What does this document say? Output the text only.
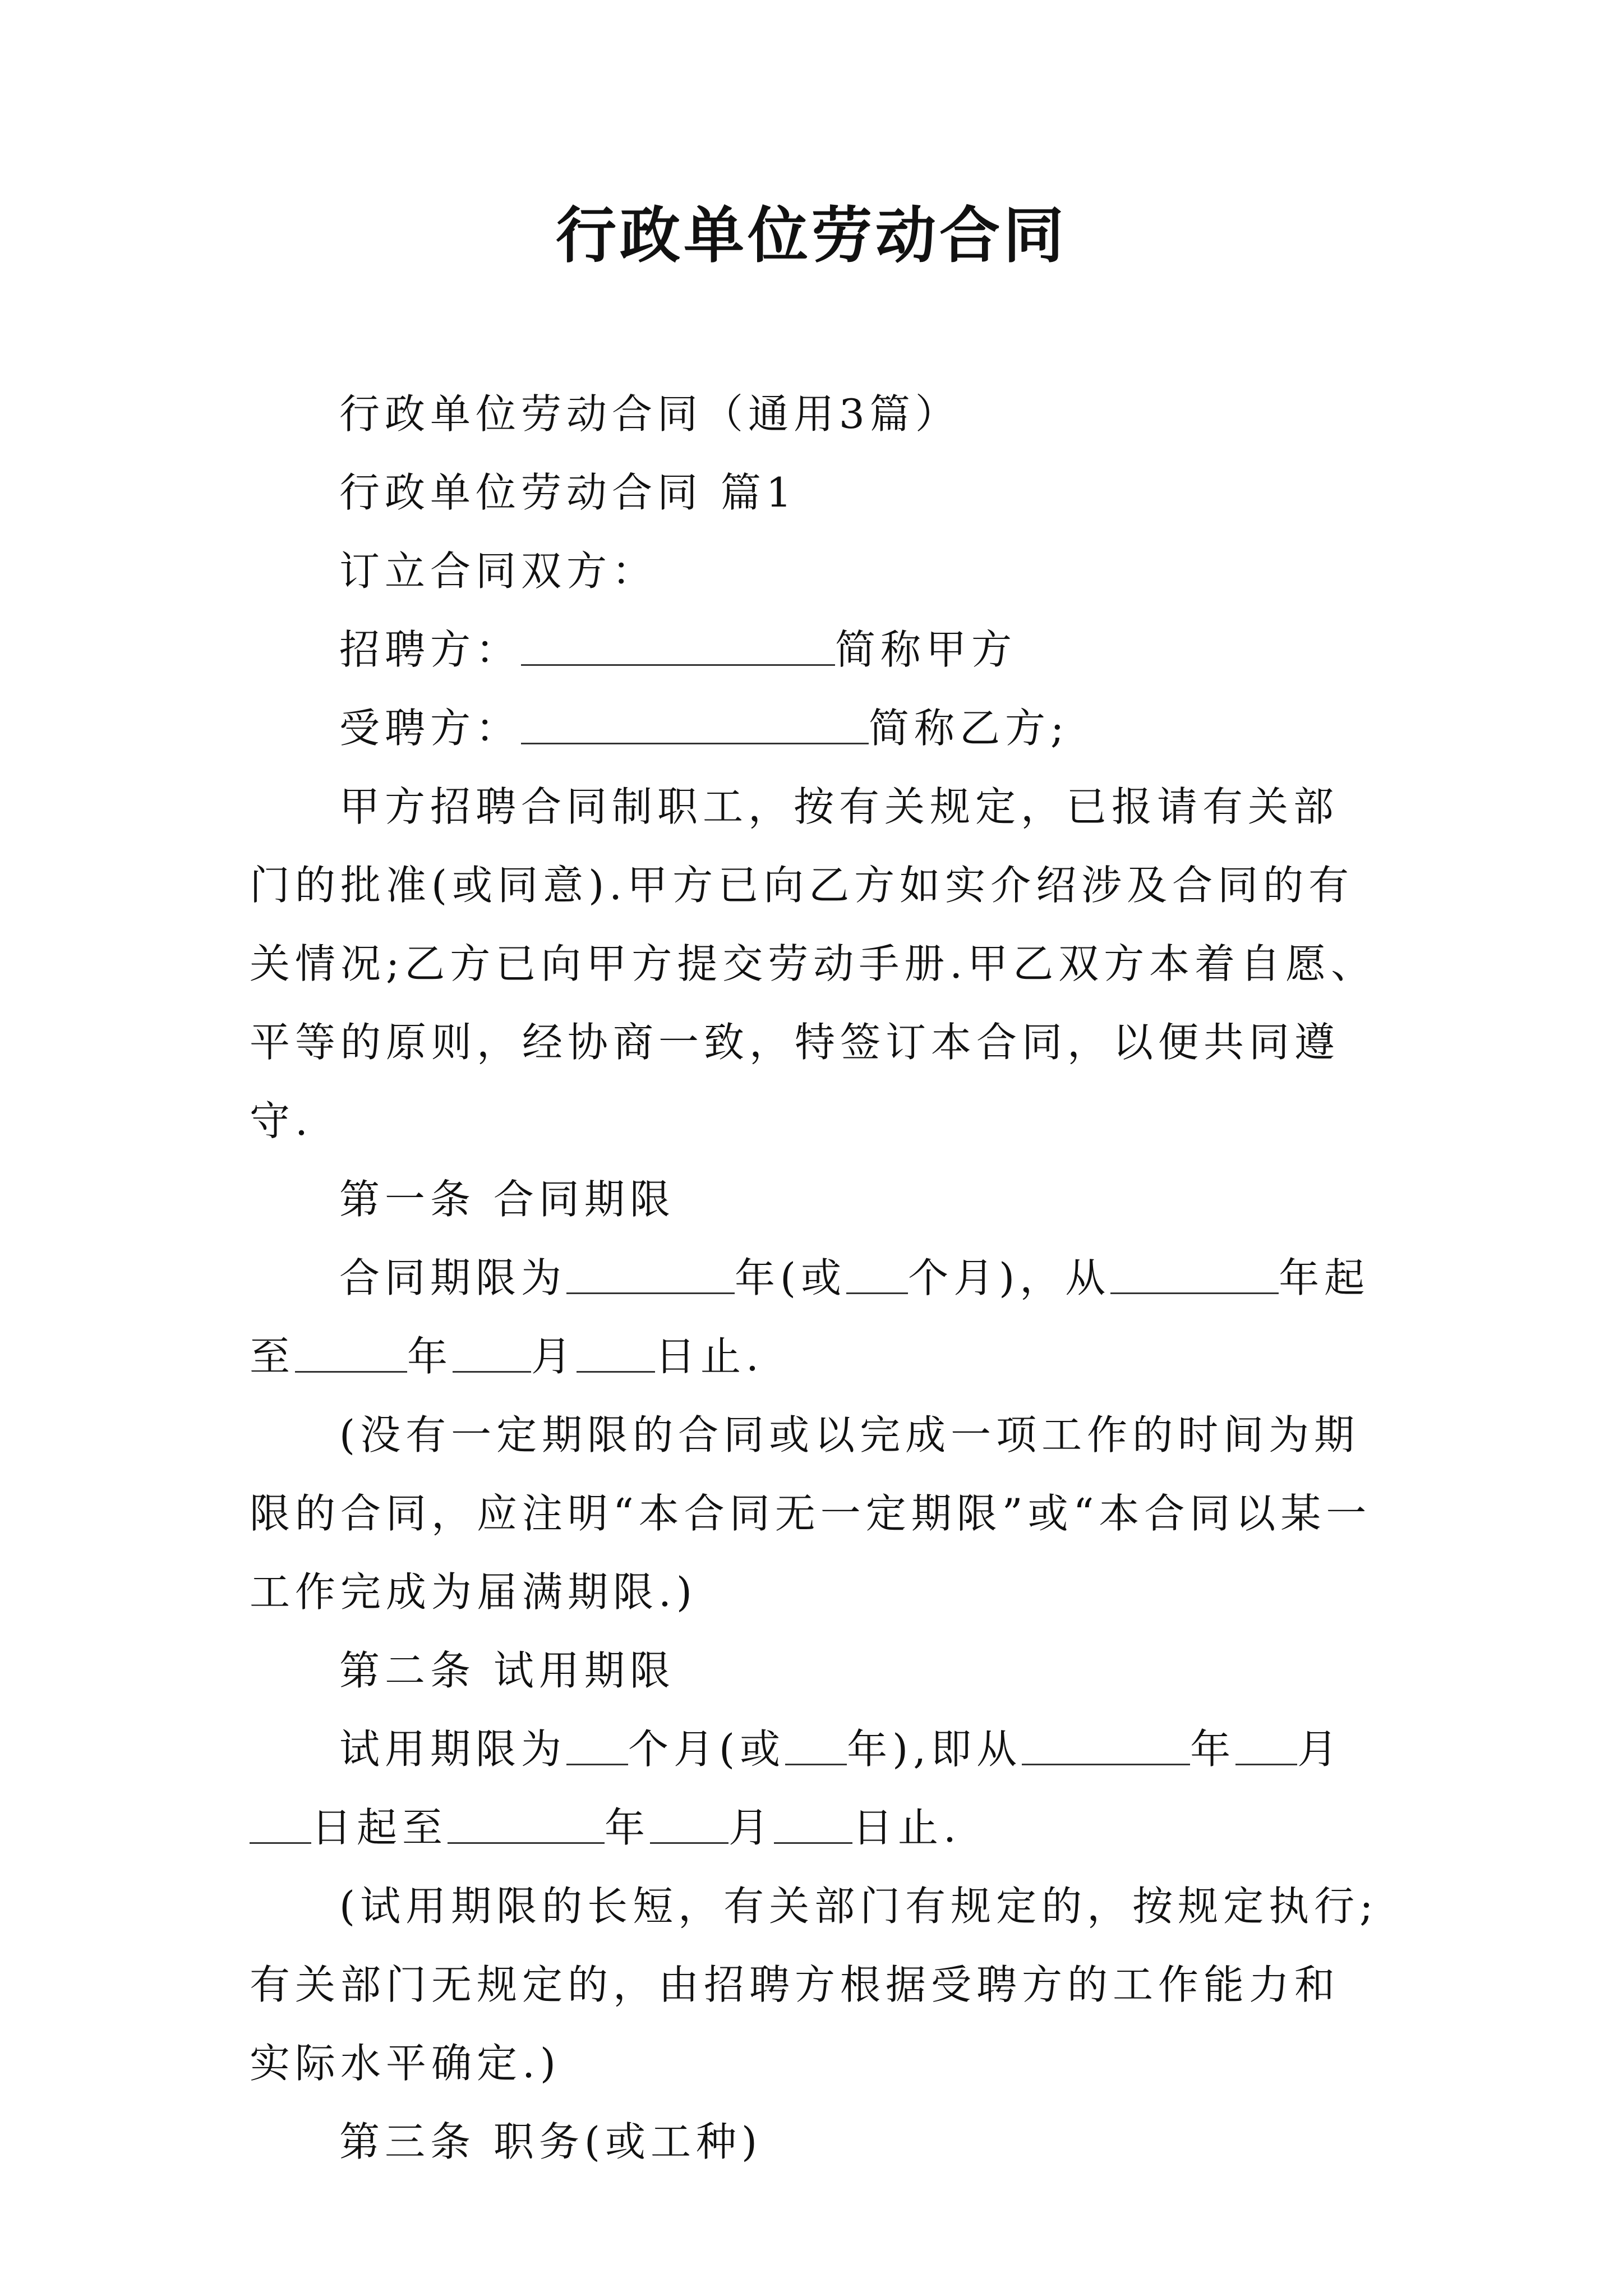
行政单位劳动合同

行政单位劳动合同（通用3篇）

行政单位劳动合同 篇1

订立合同双方：

招聘方：	简称甲方

受聘方：	简称乙方;

甲方招聘合同制职工，按有关规定，已报请有关部门的批准(或同意).甲方已向乙方如实介绍涉及合同的有关情况;乙方已向甲方提交劳动手册.甲乙双方本着自愿、平等的原则，经协商一致，特签订本合同，以便共同遵守.

第一条 合同期限

合同期限为	年(或 个月)，从	年起至	年 月 日止.

(没有一定期限的合同或以完成一项工作的时间为期限的合同，应注明“本合同无一定期限”或“本合同以某一工作完成为届满期限.)

第二条 试用期限

试用期限为 个月(或 年),即从	年 月日起至	年 月 日止.

(试用期限的长短，有关部门有规定的，按规定执行;有关部门无规定的，由招聘方根据受聘方的工作能力和实际水平确定.)

第三条 职务(或工种)
